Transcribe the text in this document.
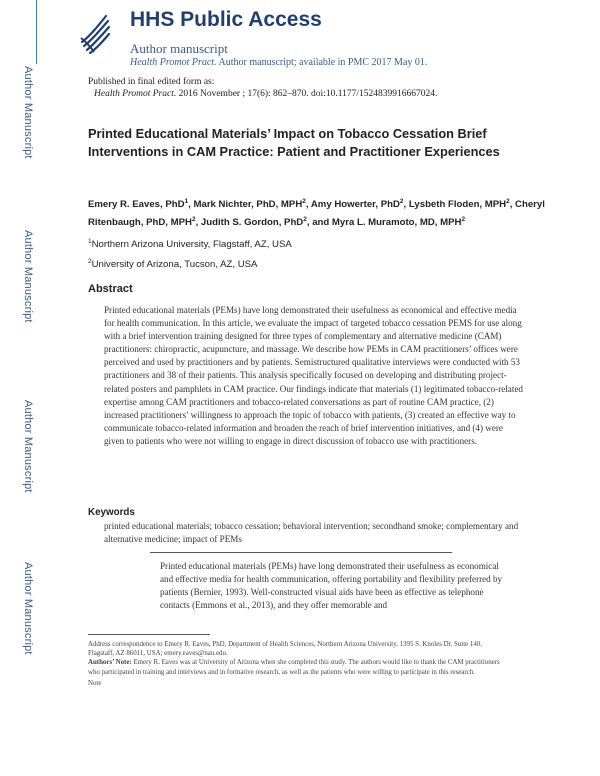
Author Manuscript
Author Manuscript
Author Manuscript
Author Manuscript
HHS Public Access
Author manuscript
Health Promot Pract. Author manuscript; available in PMC 2017 May 01.
Published in final edited form as:
Health Promot Pract. 2016 November ; 17(6): 862–870. doi:10.1177/1524839916667024.
Printed Educational Materials’ Impact on Tobacco Cessation Brief Interventions in CAM Practice: Patient and Practitioner Experiences
Emery R. Eaves, PhD$^1$, Mark Nichter, PhD, MPH$^2$, Amy Howerter, PhD$^2$, Lysbeth Floden, MPH$^2$, Cheryl Ritenbaugh, PhD, MPH$^2$, Judith S. Gordon, PhD$^2$, and Myra L. Muramoto, MD, MPH$^2$
$^1$Northern Arizona University, Flagstaff, AZ, USA
$^2$University of Arizona, Tucson, AZ, USA
Abstract
Printed educational materials (PEMs) have long demonstrated their usefulness as economical and effective media for health communication. In this article, we evaluate the impact of targeted tobacco cessation PEMS for use along with a brief intervention training designed for three types of complementary and alternative medicine (CAM) practitioners: chiropractic, acupuncture, and massage. We describe how PEMs in CAM practitioners’ offices were perceived and used by practitioners and by patients. Semistructured qualitative interviews were conducted with 53 practitioners and 38 of their patients. This analysis specifically focused on developing and distributing project-related posters and pamphlets in CAM practice. Our findings indicate that materials (1) legitimated tobacco-related expertise among CAM practitioners and tobacco-related conversations as part of routine CAM practice, (2) increased practitioners’ willingness to approach the topic of tobacco with patients, (3) created an effective way to communicate tobacco-related information and broaden the reach of brief intervention initiatives, and (4) were given to patients who were not willing to engage in direct discussion of tobacco use with practitioners.
Keywords
printed educational materials; tobacco cessation; behavioral intervention; secondhand smoke; complementary and alternative medicine; impact of PEMs
Printed educational materials (PEMs) have long demonstrated their usefulness as economical and effective media for health communication, offering portability and flexibility preferred by patients (Bernier, 1993). Well-constructed visual aids have been as effective as telephone contacts (Emmons et al., 2013), and they offer memorable and
Address correspondence to Emery R. Eaves, PhD, Department of Health Sciences, Northern Arizona University, 1395 S. Knoles Dr. Suite 140, Flagstaff, AZ 86011, USA; emery.eaves@nau.edu.
Authors’ Note: Emery R. Eaves was at University of Arizona when she completed this study. The authors would like to thank the CAM practitioners who participated in training and interviews and in formative research, as well as the patients who were willing to participate in this research.
Note
